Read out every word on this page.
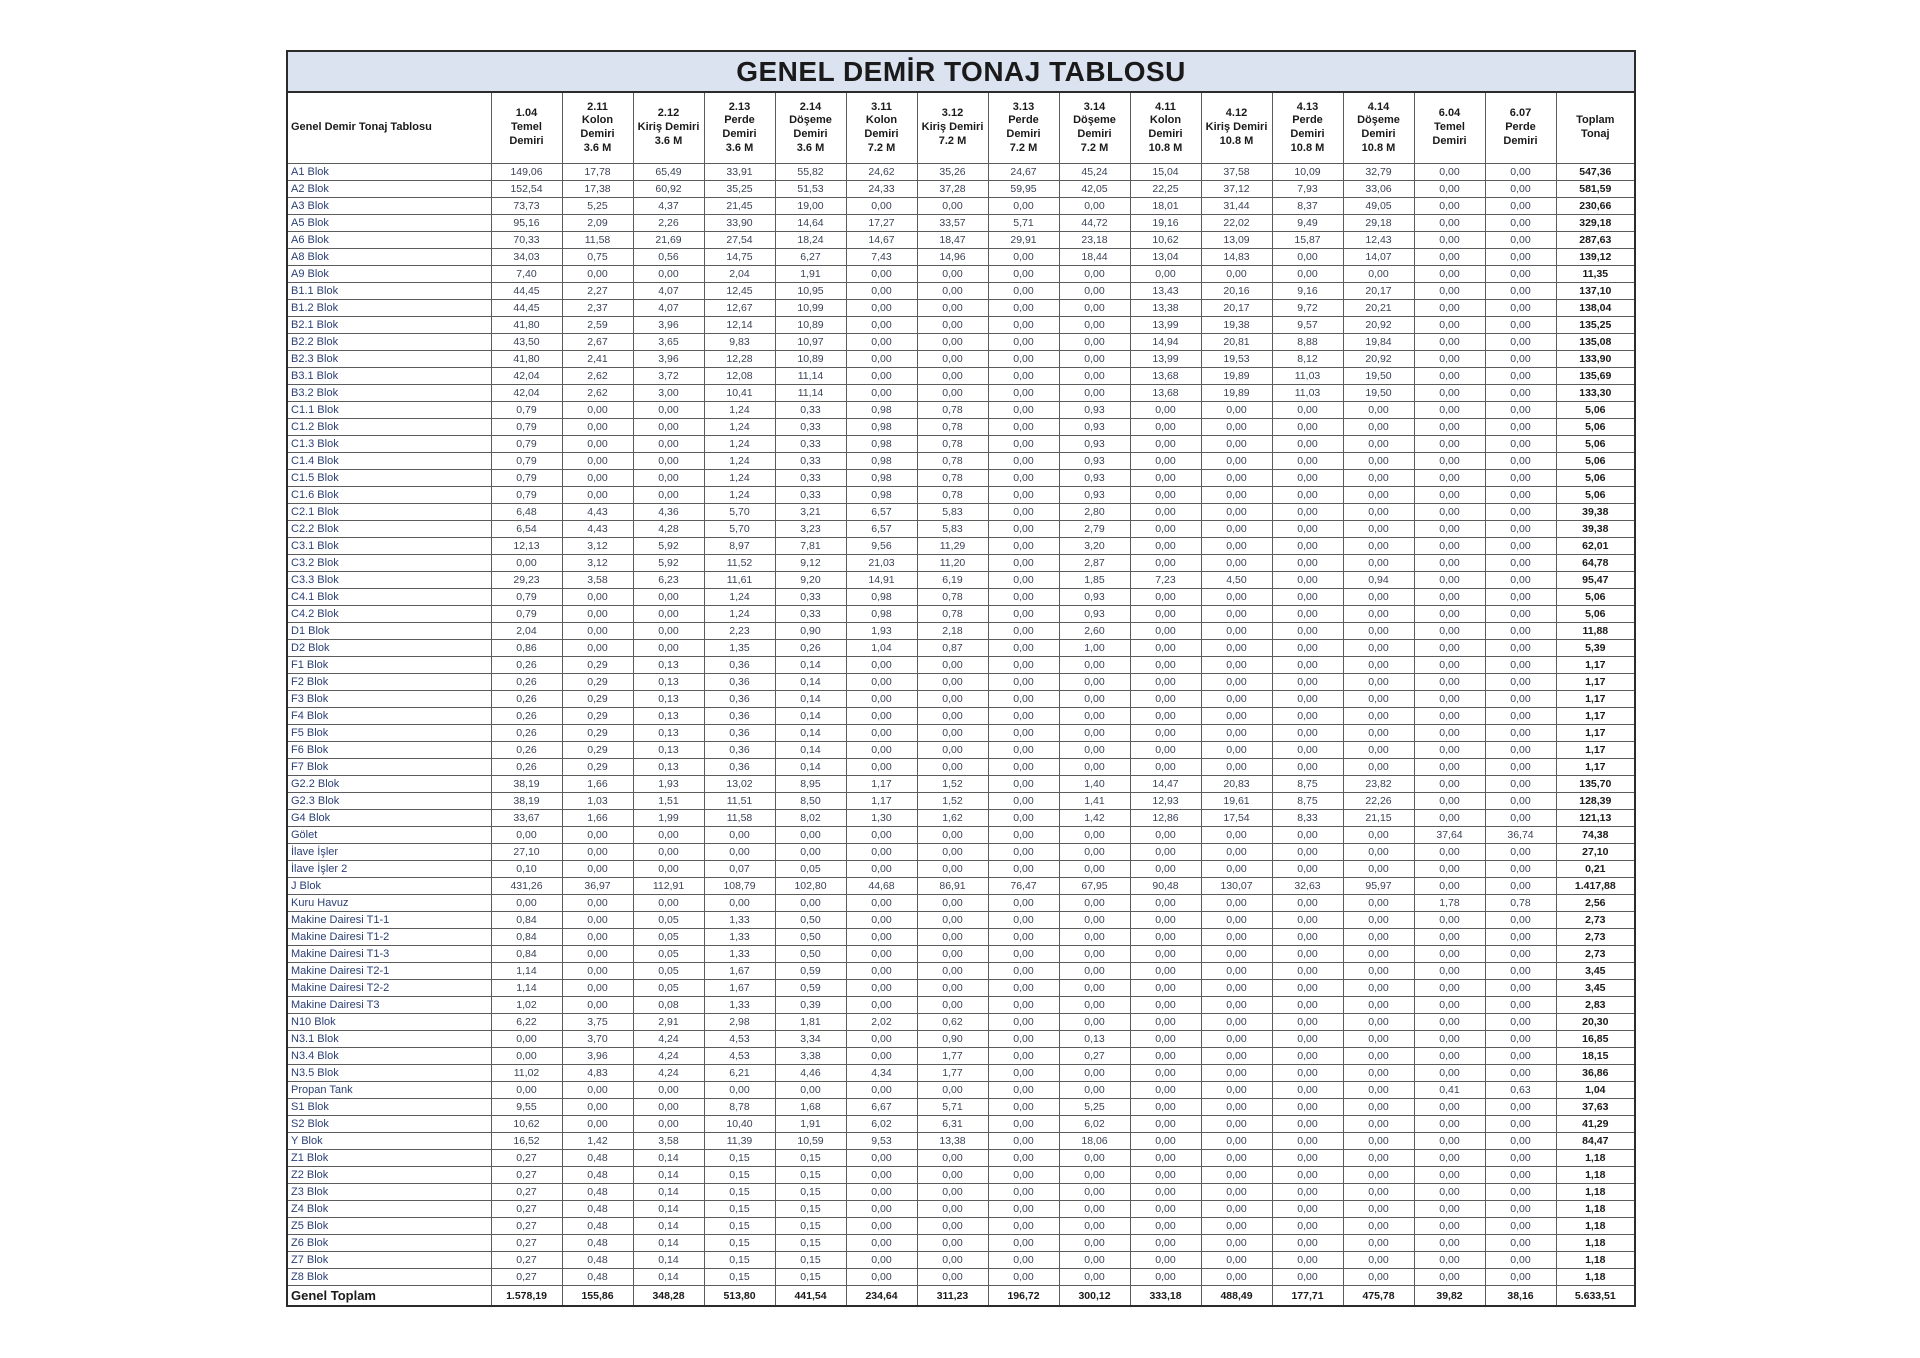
GENEL DEMİR TONAJ TABLOSU																
Genel Demir Tonaj Tablosu	1.04
Temel
Demiri	2.11
Kolon
Demiri
3.6 M	2.12
Kiriş Demiri
3.6 M	2.13
Perde
Demiri
3.6 M	2.14
Döşeme
Demiri
3.6 M	3.11
Kolon
Demiri
7.2 M	3.12
Kiriş Demiri
7.2 M	3.13
Perde
Demiri
7.2 M	3.14
Döşeme
Demiri
7.2 M	4.11
Kolon
Demiri
10.8 M	4.12
Kiriş Demiri
10.8 M	4.13
Perde
Demiri
10.8 M	4.14
Döşeme
Demiri
10.8 M	6.04
Temel
Demiri	6.07
Perde
Demiri	Toplam
Tonaj
A1 Blok	149,06	17,78	65,49	33,91	55,82	24,62	35,26	24,67	45,24	15,04	37,58	10,09	32,79	0,00	0,00	547,36
A2 Blok	152,54	17,38	60,92	35,25	51,53	24,33	37,28	59,95	42,05	22,25	37,12	7,93	33,06	0,00	0,00	581,59
A3 Blok	73,73	5,25	4,37	21,45	19,00	0,00	0,00	0,00	0,00	18,01	31,44	8,37	49,05	0,00	0,00	230,66
A5 Blok	95,16	2,09	2,26	33,90	14,64	17,27	33,57	5,71	44,72	19,16	22,02	9,49	29,18	0,00	0,00	329,18
A6 Blok	70,33	11,58	21,69	27,54	18,24	14,67	18,47	29,91	23,18	10,62	13,09	15,87	12,43	0,00	0,00	287,63
A8 Blok	34,03	0,75	0,56	14,75	6,27	7,43	14,96	0,00	18,44	13,04	14,83	0,00	14,07	0,00	0,00	139,12
A9 Blok	7,40	0,00	0,00	2,04	1,91	0,00	0,00	0,00	0,00	0,00	0,00	0,00	0,00	0,00	0,00	11,35
B1.1 Blok	44,45	2,27	4,07	12,45	10,95	0,00	0,00	0,00	0,00	13,43	20,16	9,16	20,17	0,00	0,00	137,10
B1.2 Blok	44,45	2,37	4,07	12,67	10,99	0,00	0,00	0,00	0,00	13,38	20,17	9,72	20,21	0,00	0,00	138,04
B2.1 Blok	41,80	2,59	3,96	12,14	10,89	0,00	0,00	0,00	0,00	13,99	19,38	9,57	20,92	0,00	0,00	135,25
B2.2 Blok	43,50	2,67	3,65	9,83	10,97	0,00	0,00	0,00	0,00	14,94	20,81	8,88	19,84	0,00	0,00	135,08
B2.3 Blok	41,80	2,41	3,96	12,28	10,89	0,00	0,00	0,00	0,00	13,99	19,53	8,12	20,92	0,00	0,00	133,90
B3.1 Blok	42,04	2,62	3,72	12,08	11,14	0,00	0,00	0,00	0,00	13,68	19,89	11,03	19,50	0,00	0,00	135,69
B3.2 Blok	42,04	2,62	3,00	10,41	11,14	0,00	0,00	0,00	0,00	13,68	19,89	11,03	19,50	0,00	0,00	133,30
C1.1 Blok	0,79	0,00	0,00	1,24	0,33	0,98	0,78	0,00	0,93	0,00	0,00	0,00	0,00	0,00	0,00	5,06
C1.2 Blok	0,79	0,00	0,00	1,24	0,33	0,98	0,78	0,00	0,93	0,00	0,00	0,00	0,00	0,00	0,00	5,06
C1.3 Blok	0,79	0,00	0,00	1,24	0,33	0,98	0,78	0,00	0,93	0,00	0,00	0,00	0,00	0,00	0,00	5,06
C1.4 Blok	0,79	0,00	0,00	1,24	0,33	0,98	0,78	0,00	0,93	0,00	0,00	0,00	0,00	0,00	0,00	5,06
C1.5 Blok	0,79	0,00	0,00	1,24	0,33	0,98	0,78	0,00	0,93	0,00	0,00	0,00	0,00	0,00	0,00	5,06
C1.6 Blok	0,79	0,00	0,00	1,24	0,33	0,98	0,78	0,00	0,93	0,00	0,00	0,00	0,00	0,00	0,00	5,06
C2.1 Blok	6,48	4,43	4,36	5,70	3,21	6,57	5,83	0,00	2,80	0,00	0,00	0,00	0,00	0,00	0,00	39,38
C2.2 Blok	6,54	4,43	4,28	5,70	3,23	6,57	5,83	0,00	2,79	0,00	0,00	0,00	0,00	0,00	0,00	39,38
C3.1 Blok	12,13	3,12	5,92	8,97	7,81	9,56	11,29	0,00	3,20	0,00	0,00	0,00	0,00	0,00	0,00	62,01
C3.2 Blok	0,00	3,12	5,92	11,52	9,12	21,03	11,20	0,00	2,87	0,00	0,00	0,00	0,00	0,00	0,00	64,78
C3.3 Blok	29,23	3,58	6,23	11,61	9,20	14,91	6,19	0,00	1,85	7,23	4,50	0,00	0,94	0,00	0,00	95,47
C4.1 Blok	0,79	0,00	0,00	1,24	0,33	0,98	0,78	0,00	0,93	0,00	0,00	0,00	0,00	0,00	0,00	5,06
C4.2 Blok	0,79	0,00	0,00	1,24	0,33	0,98	0,78	0,00	0,93	0,00	0,00	0,00	0,00	0,00	0,00	5,06
D1 Blok	2,04	0,00	0,00	2,23	0,90	1,93	2,18	0,00	2,60	0,00	0,00	0,00	0,00	0,00	0,00	11,88
D2 Blok	0,86	0,00	0,00	1,35	0,26	1,04	0,87	0,00	1,00	0,00	0,00	0,00	0,00	0,00	0,00	5,39
F1 Blok	0,26	0,29	0,13	0,36	0,14	0,00	0,00	0,00	0,00	0,00	0,00	0,00	0,00	0,00	0,00	1,17
F2 Blok	0,26	0,29	0,13	0,36	0,14	0,00	0,00	0,00	0,00	0,00	0,00	0,00	0,00	0,00	0,00	1,17
F3 Blok	0,26	0,29	0,13	0,36	0,14	0,00	0,00	0,00	0,00	0,00	0,00	0,00	0,00	0,00	0,00	1,17
F4 Blok	0,26	0,29	0,13	0,36	0,14	0,00	0,00	0,00	0,00	0,00	0,00	0,00	0,00	0,00	0,00	1,17
F5 Blok	0,26	0,29	0,13	0,36	0,14	0,00	0,00	0,00	0,00	0,00	0,00	0,00	0,00	0,00	0,00	1,17
F6 Blok	0,26	0,29	0,13	0,36	0,14	0,00	0,00	0,00	0,00	0,00	0,00	0,00	0,00	0,00	0,00	1,17
F7 Blok	0,26	0,29	0,13	0,36	0,14	0,00	0,00	0,00	0,00	0,00	0,00	0,00	0,00	0,00	0,00	1,17
G2.2 Blok	38,19	1,66	1,93	13,02	8,95	1,17	1,52	0,00	1,40	14,47	20,83	8,75	23,82	0,00	0,00	135,70
G2.3 Blok	38,19	1,03	1,51	11,51	8,50	1,17	1,52	0,00	1,41	12,93	19,61	8,75	22,26	0,00	0,00	128,39
G4 Blok	33,67	1,66	1,99	11,58	8,02	1,30	1,62	0,00	1,42	12,86	17,54	8,33	21,15	0,00	0,00	121,13
Gölet	0,00	0,00	0,00	0,00	0,00	0,00	0,00	0,00	0,00	0,00	0,00	0,00	0,00	37,64	36,74	74,38
İlave İşler	27,10	0,00	0,00	0,00	0,00	0,00	0,00	0,00	0,00	0,00	0,00	0,00	0,00	0,00	0,00	27,10
İlave İşler 2	0,10	0,00	0,00	0,07	0,05	0,00	0,00	0,00	0,00	0,00	0,00	0,00	0,00	0,00	0,00	0,21
J Blok	431,26	36,97	112,91	108,79	102,80	44,68	86,91	76,47	67,95	90,48	130,07	32,63	95,97	0,00	0,00	1.417,88
Kuru Havuz	0,00	0,00	0,00	0,00	0,00	0,00	0,00	0,00	0,00	0,00	0,00	0,00	0,00	1,78	0,78	2,56
Makine Dairesi T1-1	0,84	0,00	0,05	1,33	0,50	0,00	0,00	0,00	0,00	0,00	0,00	0,00	0,00	0,00	0,00	2,73
Makine Dairesi T1-2	0,84	0,00	0,05	1,33	0,50	0,00	0,00	0,00	0,00	0,00	0,00	0,00	0,00	0,00	0,00	2,73
Makine Dairesi T1-3	0,84	0,00	0,05	1,33	0,50	0,00	0,00	0,00	0,00	0,00	0,00	0,00	0,00	0,00	0,00	2,73
Makine Dairesi T2-1	1,14	0,00	0,05	1,67	0,59	0,00	0,00	0,00	0,00	0,00	0,00	0,00	0,00	0,00	0,00	3,45
Makine Dairesi T2-2	1,14	0,00	0,05	1,67	0,59	0,00	0,00	0,00	0,00	0,00	0,00	0,00	0,00	0,00	0,00	3,45
Makine Dairesi T3	1,02	0,00	0,08	1,33	0,39	0,00	0,00	0,00	0,00	0,00	0,00	0,00	0,00	0,00	0,00	2,83
N10 Blok	6,22	3,75	2,91	2,98	1,81	2,02	0,62	0,00	0,00	0,00	0,00	0,00	0,00	0,00	0,00	20,30
N3.1 Blok	0,00	3,70	4,24	4,53	3,34	0,00	0,90	0,00	0,13	0,00	0,00	0,00	0,00	0,00	0,00	16,85
N3.4 Blok	0,00	3,96	4,24	4,53	3,38	0,00	1,77	0,00	0,27	0,00	0,00	0,00	0,00	0,00	0,00	18,15
N3.5 Blok	11,02	4,83	4,24	6,21	4,46	4,34	1,77	0,00	0,00	0,00	0,00	0,00	0,00	0,00	0,00	36,86
Propan Tank	0,00	0,00	0,00	0,00	0,00	0,00	0,00	0,00	0,00	0,00	0,00	0,00	0,00	0,41	0,63	1,04
S1 Blok	9,55	0,00	0,00	8,78	1,68	6,67	5,71	0,00	5,25	0,00	0,00	0,00	0,00	0,00	0,00	37,63
S2 Blok	10,62	0,00	0,00	10,40	1,91	6,02	6,31	0,00	6,02	0,00	0,00	0,00	0,00	0,00	0,00	41,29
Y Blok	16,52	1,42	3,58	11,39	10,59	9,53	13,38	0,00	18,06	0,00	0,00	0,00	0,00	0,00	0,00	84,47
Z1 Blok	0,27	0,48	0,14	0,15	0,15	0,00	0,00	0,00	0,00	0,00	0,00	0,00	0,00	0,00	0,00	1,18
Z2 Blok	0,27	0,48	0,14	0,15	0,15	0,00	0,00	0,00	0,00	0,00	0,00	0,00	0,00	0,00	0,00	1,18
Z3 Blok	0,27	0,48	0,14	0,15	0,15	0,00	0,00	0,00	0,00	0,00	0,00	0,00	0,00	0,00	0,00	1,18
Z4 Blok	0,27	0,48	0,14	0,15	0,15	0,00	0,00	0,00	0,00	0,00	0,00	0,00	0,00	0,00	0,00	1,18
Z5 Blok	0,27	0,48	0,14	0,15	0,15	0,00	0,00	0,00	0,00	0,00	0,00	0,00	0,00	0,00	0,00	1,18
Z6 Blok	0,27	0,48	0,14	0,15	0,15	0,00	0,00	0,00	0,00	0,00	0,00	0,00	0,00	0,00	0,00	1,18
Z7 Blok	0,27	0,48	0,14	0,15	0,15	0,00	0,00	0,00	0,00	0,00	0,00	0,00	0,00	0,00	0,00	1,18
Z8 Blok	0,27	0,48	0,14	0,15	0,15	0,00	0,00	0,00	0,00	0,00	0,00	0,00	0,00	0,00	0,00	1,18
Genel Toplam	1.578,19	155,86	348,28	513,80	441,54	234,64	311,23	196,72	300,12	333,18	488,49	177,71	475,78	39,82	38,16	5.633,51
